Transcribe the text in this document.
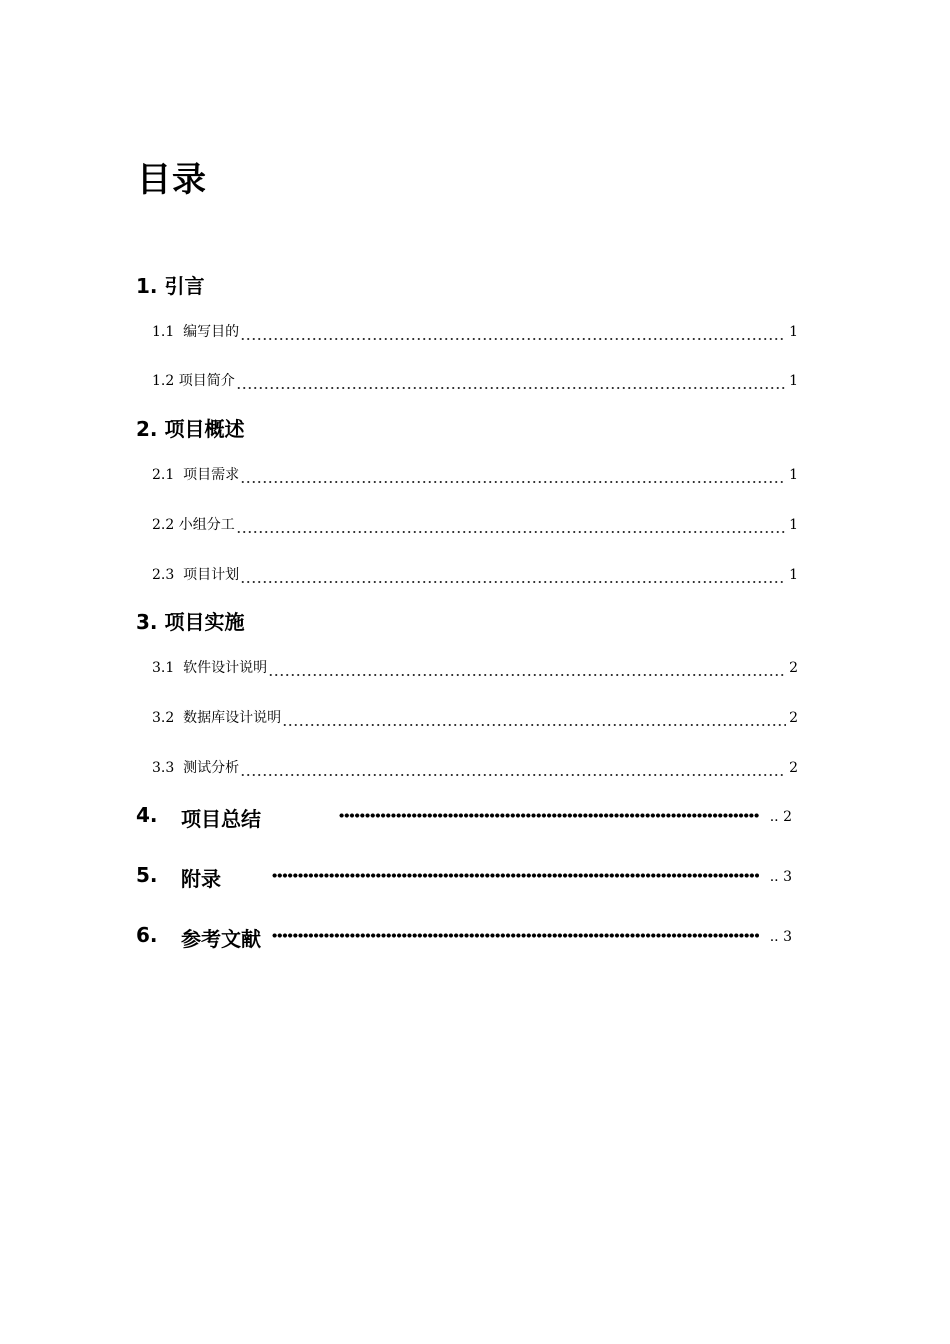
目录
1. 引言
1.1  编写目的	1
1.2 项目简介	1
2. 项目概述
2.1  项目需求	1
2.2 小组分工	1
2.3  项目计划	1
3. 项目实施
3.1  软件设计说明	2
3.2  数据库设计说明	2
3.3  测试分析	2
4. 项目总结	.. 2
5. 附录	.. 3
6. 参考文献	.. 3
